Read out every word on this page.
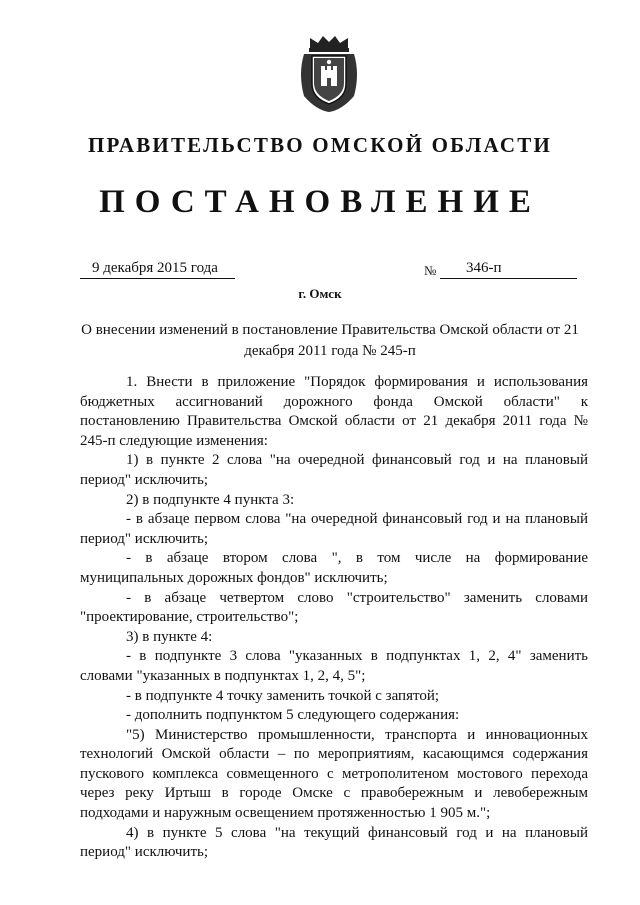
ПРАВИТЕЛЬСТВО ОМСКОЙ ОБЛАСТИ
ПОСТАНОВЛЕНИЕ
9 декабря 2015 года	№ 346-п
г. Омск
О внесении изменений в постановление Правительства Омской области от 21 декабря 2011 года № 245-п

1. Внести в приложение "Порядок формирования и использования бюджетных ассигнований дорожного фонда Омской области" к постановлению Правительства Омской области от 21 декабря 2011 года № 245-п следующие изменения:

1) в пункте 2 слова "на очередной финансовый год и на плановый период" исключить;

2) в подпункте 4 пункта 3:

- в абзаце первом слова "на очередной финансовый год и на плановый период" исключить;

- в абзаце втором слова ", в том числе на формирование муниципальных дорожных фондов" исключить;

- в абзаце четвертом слово "строительство" заменить словами "проектирование, строительство";

3) в пункте 4:

- в подпункте 3 слова "указанных в подпунктах 1, 2, 4" заменить словами "указанных в подпунктах 1, 2, 4, 5";

- в подпункте 4 точку заменить точкой с запятой;

- дополнить подпунктом 5 следующего содержания:

"5) Министерство промышленности, транспорта и инновационных технологий Омской области – по мероприятиям, касающимся содержания пускового комплекса совмещенного с метрополитеном мостового перехода через реку Иртыш в городе Омске с правобережным и левобережным подходами и наружным освещением протяженностью 1 905 м.";

4) в пункте 5 слова "на текущий финансовый год и на плановый период" исключить;
